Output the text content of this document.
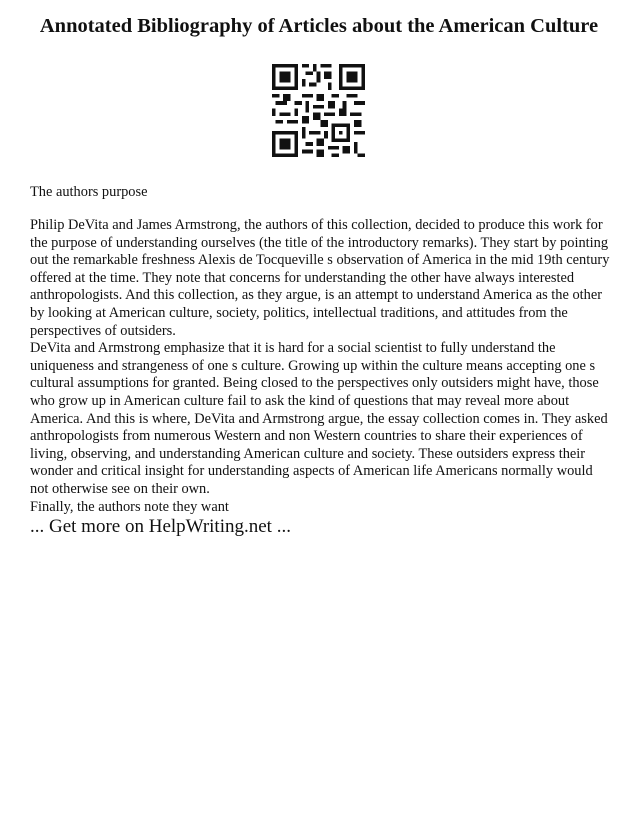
Annotated Bibliography of Articles about the American Culture

The authors purpose

Philip DeVita and James Armstrong, the authors of this collection, decided to produce this work for the purpose of understanding ourselves (the title of the introductory remarks). They start by pointing out the remarkable freshness Alexis de Tocqueville s observation of America in the mid 19th century offered at the time. They note that concerns for understanding the other have always interested anthropologists. And this collection, as they argue, is an attempt to understand America as the other by looking at American culture, society, politics, intellectual traditions, and attitudes from the perspectives of outsiders.

DeVita and Armstrong emphasize that it is hard for a social scientist to fully understand the uniqueness and strangeness of one s culture. Growing up within the culture means accepting one s cultural assumptions for granted. Being closed to the perspectives only outsiders might have, those who grow up in American culture fail to ask the kind of questions that may reveal more about America. And this is where, DeVita and Armstrong argue, the essay collection comes in. They asked anthropologists from numerous Western and non Western countries to share their experiences of living, observing, and understanding American culture and society. These outsiders express their wonder and critical insight for understanding aspects of American life Americans normally would not otherwise see on their own.

Finally, the authors note they want

... Get more on HelpWriting.net ...
